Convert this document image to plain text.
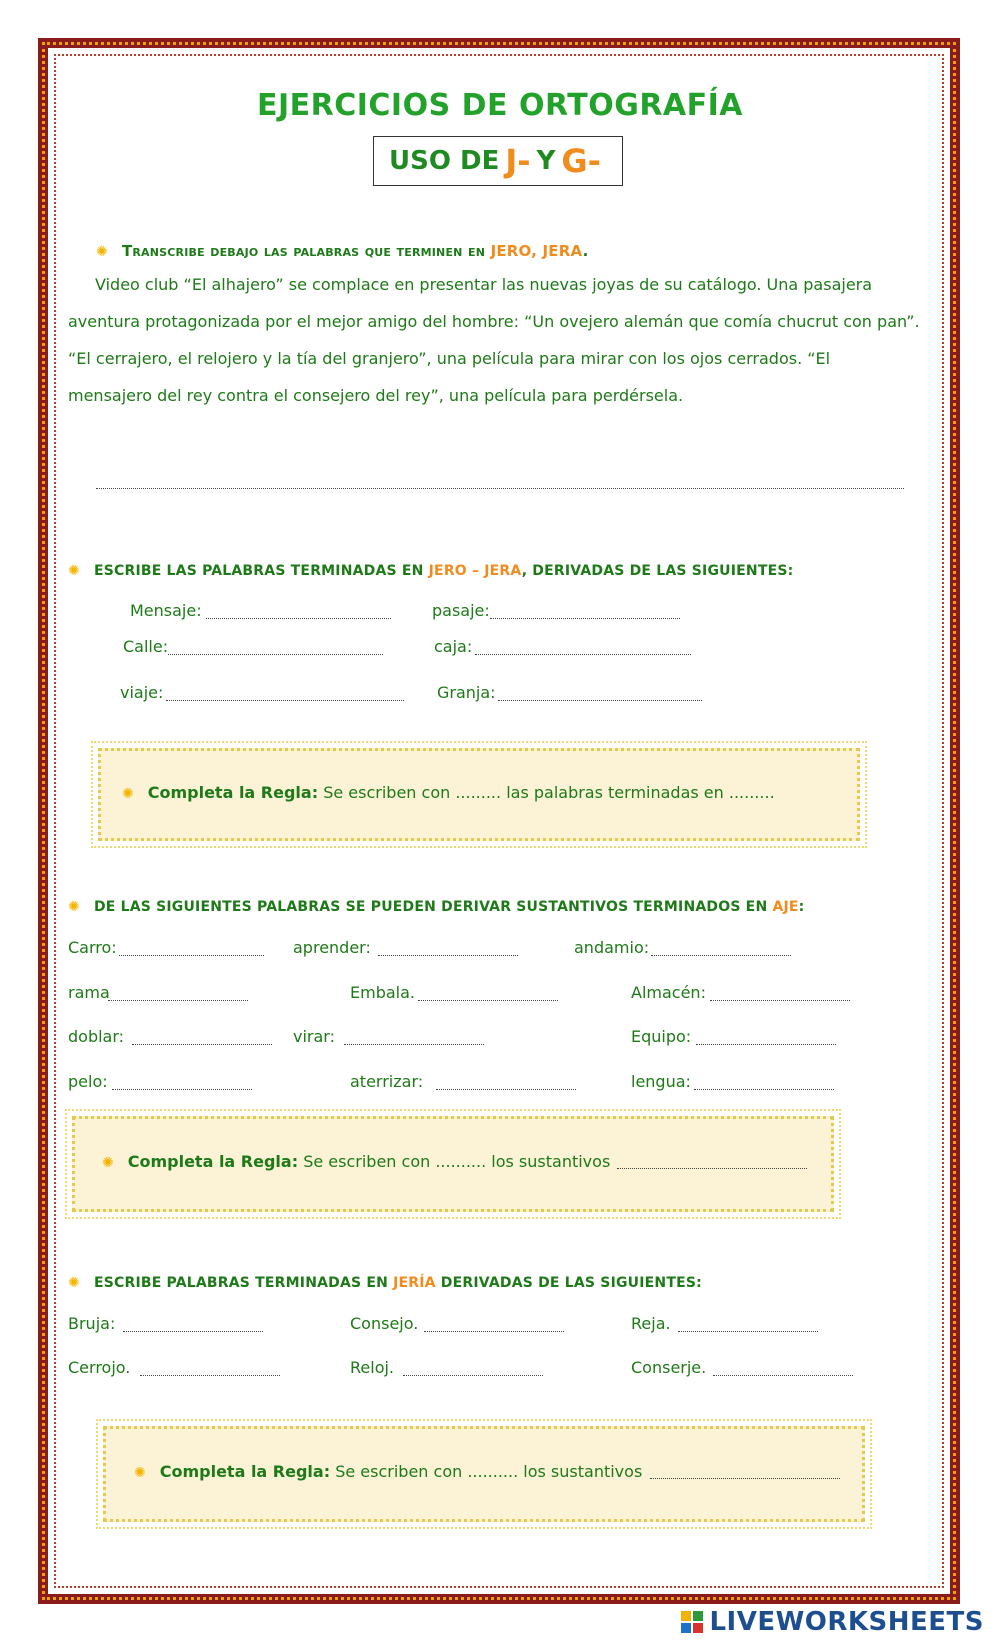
EJERCICIOS DE ORTOGRAFÍA
USO DE J- Y G-
✺ Transcribe debajo las palabras que terminen en JERO, JERA.

Video club “El alhajero” se complace en presentar las nuevas joyas de su catálogo. Una pasajera

aventura protagonizada por el mejor amigo del hombre: “Un ovejero alemán que comía chucrut con pan”.

“El cerrajero, el relojero y la tía del granjero”, una película para mirar con los ojos cerrados. “El

mensajero del rey contra el consejero del rey”, una película para perdérsela.

✺ ESCRIBE LAS PALABRAS TERMINADAS EN JERO – JERA, DERIVADAS DE LAS SIGUIENTES:
Mensaje:	pasaje:
Calle:	caja:
viaje:	Granja:
✺ Completa la Regla: Se escriben con ......... las palabras terminadas en .........
✺ DE LAS SIGUIENTES PALABRAS SE PUEDEN DERIVAR SUSTANTIVOS TERMINADOS EN AJE:
Carro:	aprender:	andamio:
rama	Embala.	Almacén:
doblar:	virar:	Equipo:
pelo:	aterrizar:	lengua:
✺ Completa la Regla: Se escriben con .......... los sustantivos
✺ ESCRIBE PALABRAS TERMINADAS EN JERÍA DERIVADAS DE LAS SIGUIENTES:
Bruja:	Consejo.	Reja.
Cerrojo.	Reloj.	Conserje.
✺ Completa la Regla: Se escriben con .......... los sustantivos
LIVEWORKSHEETS
